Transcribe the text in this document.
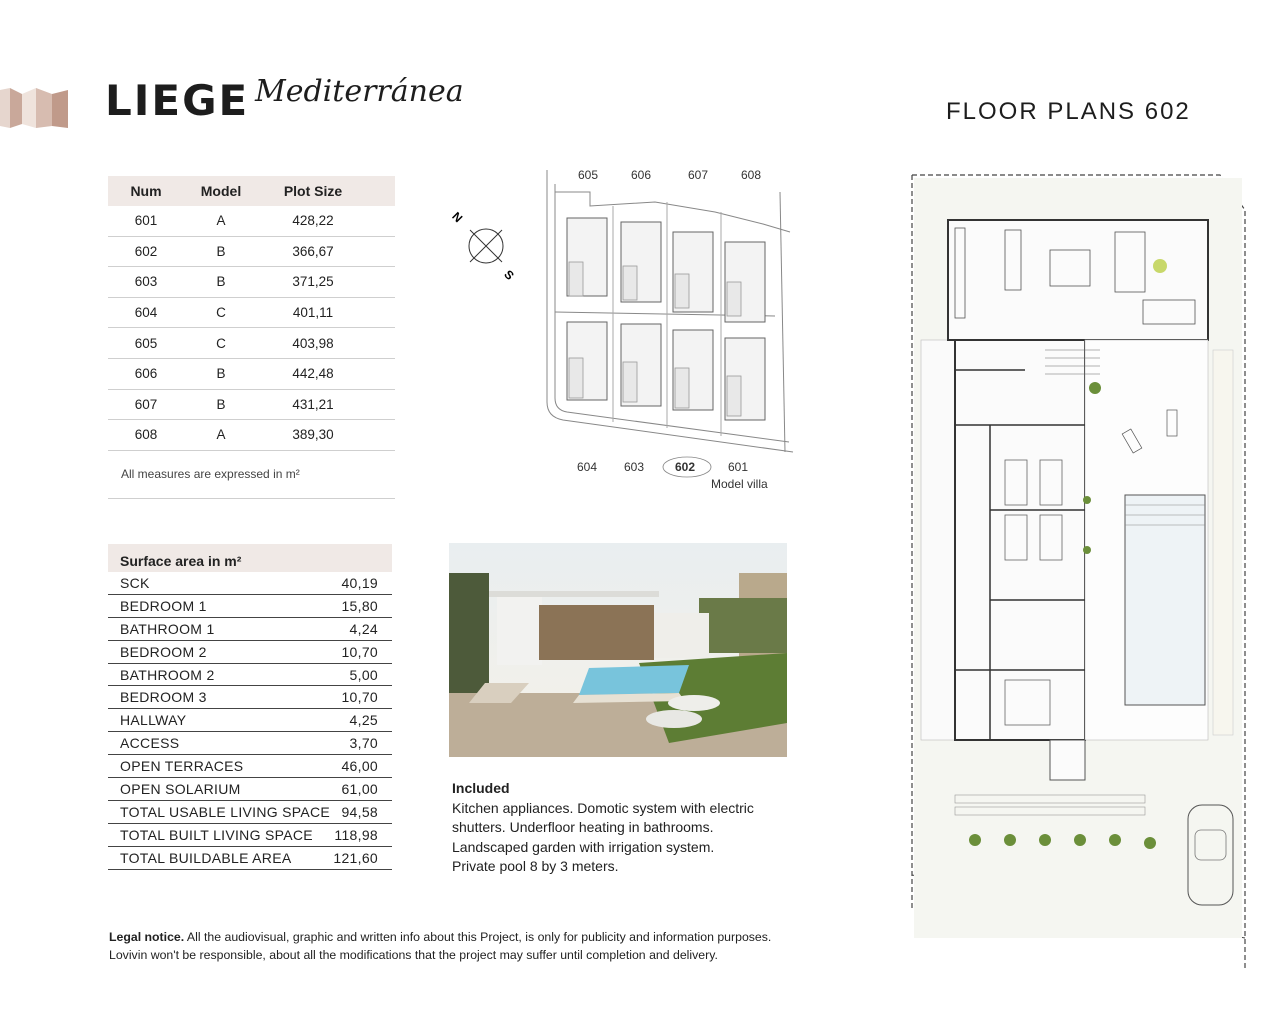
LIEGE Mediterránea
FLOOR PLANS 602
Num	Model	Plot Size
601	A	428,22
602	B	366,67
603	B	371,25
604	C	401,11
605	C	403,98
606	B	442,48
607	B	431,21
608	A	389,30
All measures are expressed in m²
N
S
605	606	607	608
604 603	602	601
Model villa
Surface area in m²
SCK	40,19
BEDROOM 1	15,80
BATHROOM 1	4,24
BEDROOM 2	10,70
BATHROOM 2	5,00
BEDROOM 3	10,70
HALLWAY	4,25
ACCESS	3,70
OPEN TERRACES	46,00
OPEN SOLARIUM	61,00
TOTAL USABLE LIVING SPACE 94,58
TOTAL BUILT LIVING SPACE 118,98
TOTAL BUILDABLE AREA	121,60
Included
Kitchen appliances. Domotic system with electric
shutters. Underfloor heating in bathrooms.
Landscaped garden with irrigation system.
Private pool 8 by 3 meters.
Legal notice. All the audiovisual, graphic and written info about this Project, is only for publicity and information purposes.
Lovivin won't be responsible, about all the modifications that the project may suffer until completion and delivery.
